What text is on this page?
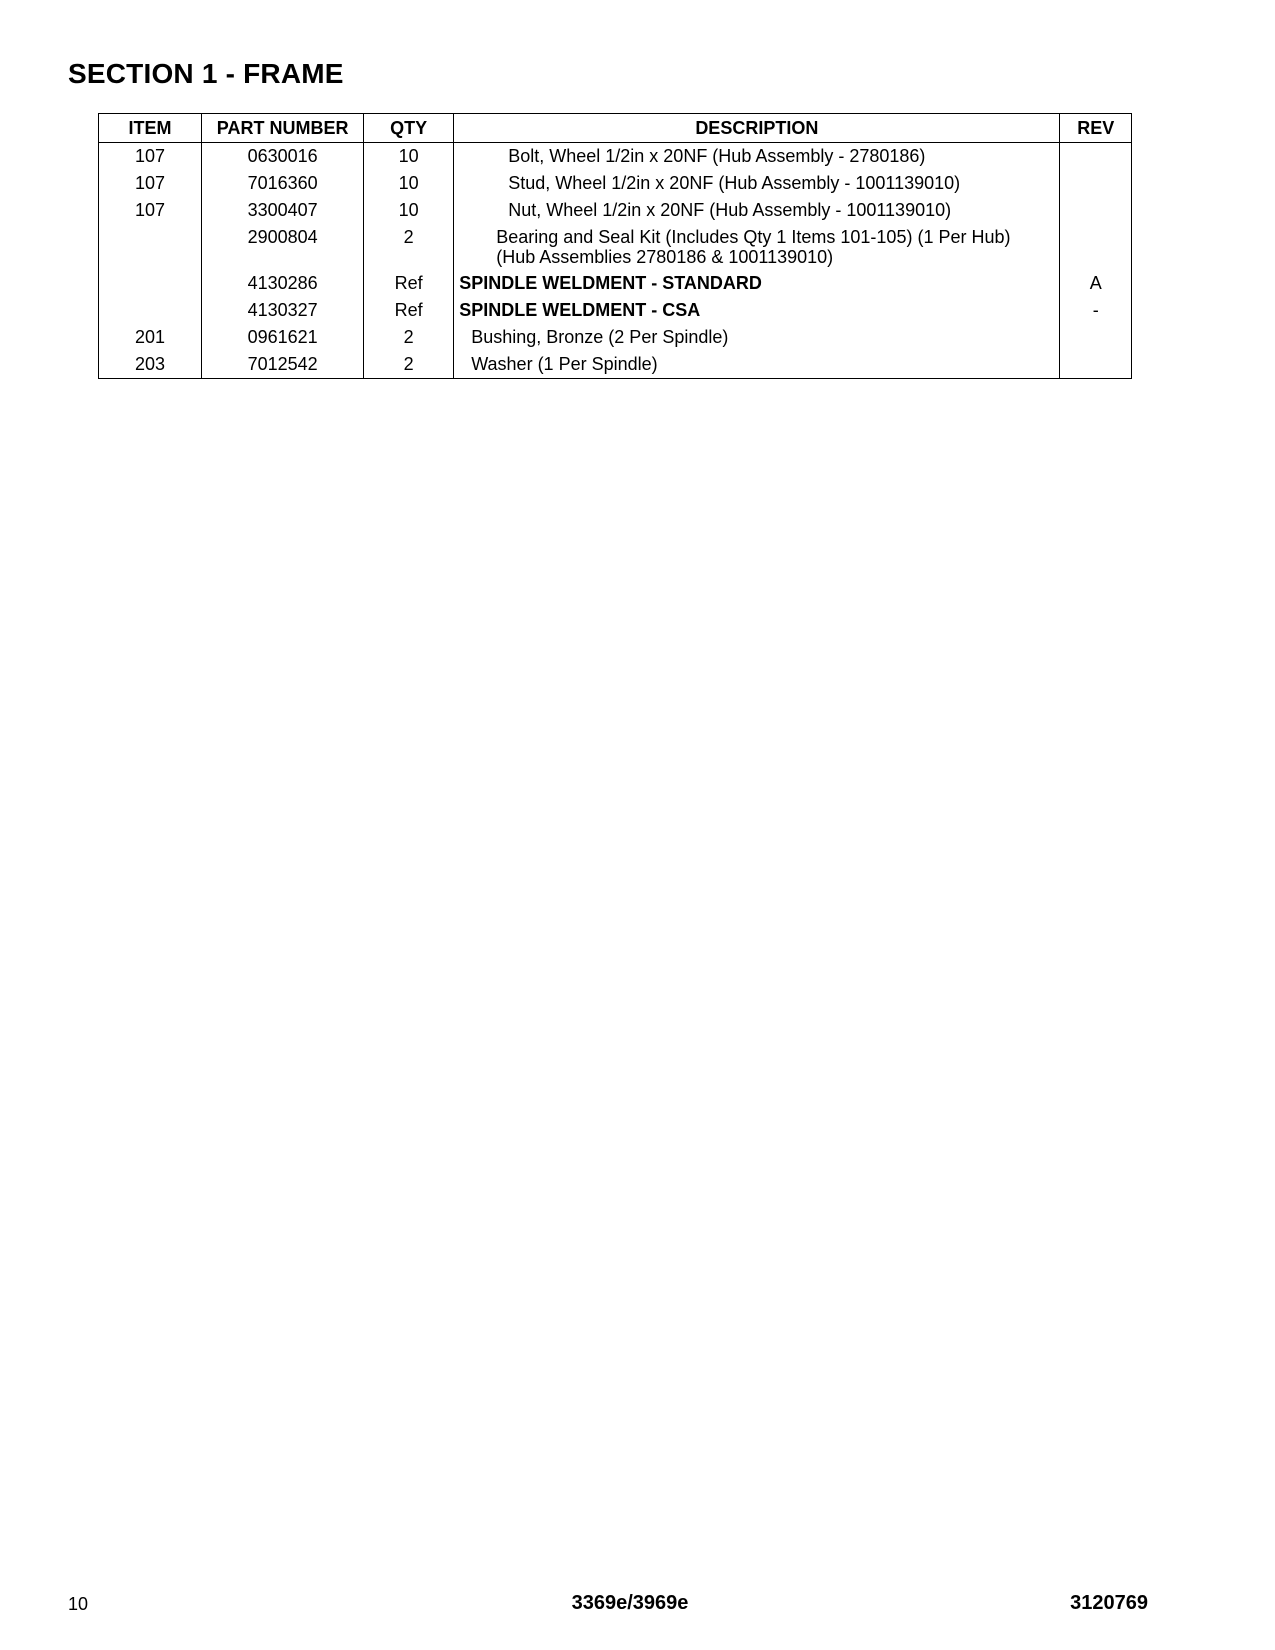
SECTION 1 - FRAME
ITEM	PART NUMBER	QTY	DESCRIPTION	REV
107	0630016	10	Bolt, Wheel 1/2in x 20NF (Hub Assembly - 2780186)	
107	7016360	10	Stud, Wheel 1/2in x 20NF (Hub Assembly - 1001139010)	
107	3300407	10	Nut, Wheel 1/2in x 20NF (Hub Assembly - 1001139010)	
	2900804	2	Bearing and Seal Kit (Includes Qty 1 Items 101-105) (1 Per Hub) (Hub Assemblies 2780186 & 1001139010)	
	4130286	Ref	SPINDLE WELDMENT - STANDARD	A
	4130327	Ref	SPINDLE WELDMENT - CSA	-
201	0961621	2	Bushing, Bronze (2 Per Spindle)	
203	7012542	2	Washer (1 Per Spindle)	
10	3369e/3969e	3120769
